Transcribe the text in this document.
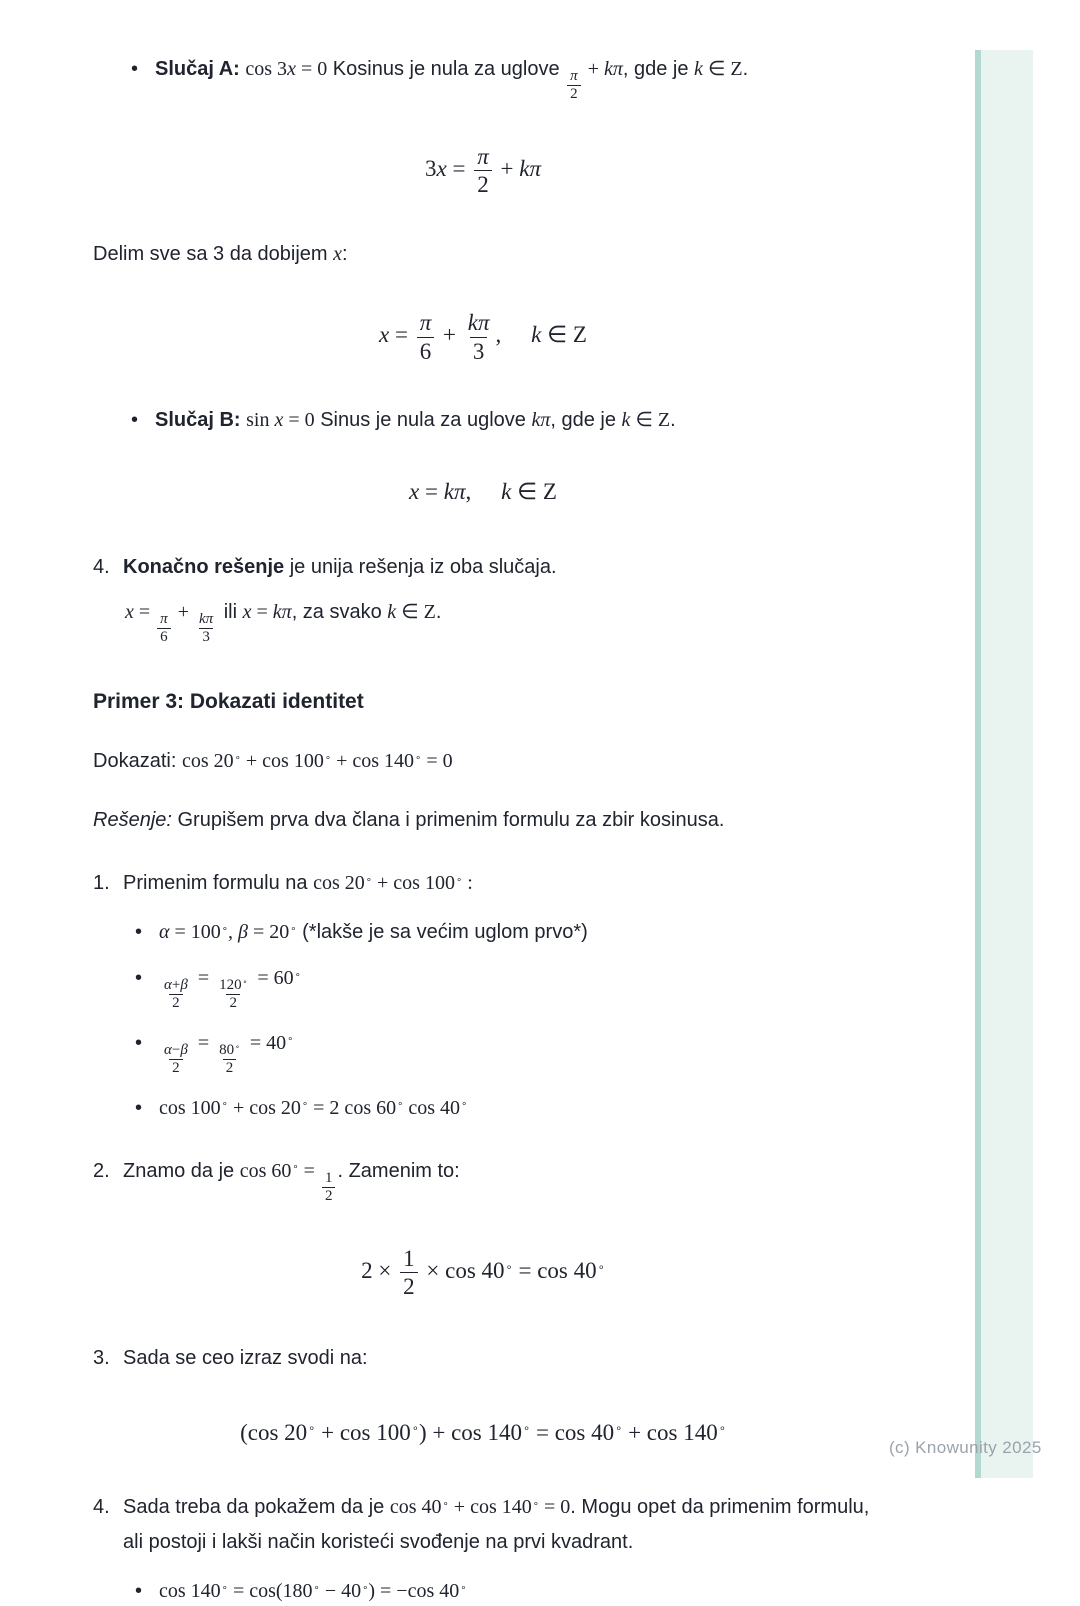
• Slučaj A: cos 3x = 0 Kosinus je nula za uglove $\frac{\pi}{2} + k\pi$, gde je k ∈ Z.
$3x = \frac{\pi}{2} + k\pi$
Delim sve sa 3 da dobijem x:
$x = \frac{\pi}{6} + \frac{k\pi}{3}$ , k ∈ Z
• Slučaj B: sin x = 0 Sinus je nula za uglove kπ, gde je k ∈ Z.
x = kπ, k ∈ Z
4. Konačno rešenje je unija rešenja iz oba slučaja.
$x = \frac{\pi}{6} + \frac{k\pi}{3}$ ili x = kπ, za svako k ∈ Z.
Primer 3: Dokazati identitet
Dokazati: cos 20∘ + cos 100∘ + cos 140∘ = 0
Rešenje: Grupišem prva dva člana i primenim formulu za zbir kosinusa.
1. Primenim formulu na cos 20∘ + cos 100∘ :
• α = 100∘, β = 20∘ (*lakše je sa većim uglom prvo*)
•	$\frac{\alpha+\beta}{2} = \frac{120^\circ}{2} = 60^\circ$
•	$\frac{\alpha-\beta}{2} = \frac{80^\circ}{2} = 40^\circ$
• cos 100∘ + cos 20∘ = 2 cos 60∘ cos 40∘
2. Znamo da je $\cos 60^\circ = \frac{1}{2}$ . Zamenim to:
$2 \times \frac{1}{2} \times \cos 40^\circ = \cos 40^\circ$
3. Sada se ceo izraz svodi na:
(cos 20∘ + cos 100∘) + cos 140∘ = cos 40∘ + cos 140∘
4. Sada treba da pokažem da je cos 40∘ + cos 140∘ = 0. Mogu opet da primenim formulu, ali postoji i lakši način koristeći svođenje na prvi kvadrant.
• cos 140∘ = cos(180∘ − 40∘) = −cos 40∘
(c) Knowunity 2025
